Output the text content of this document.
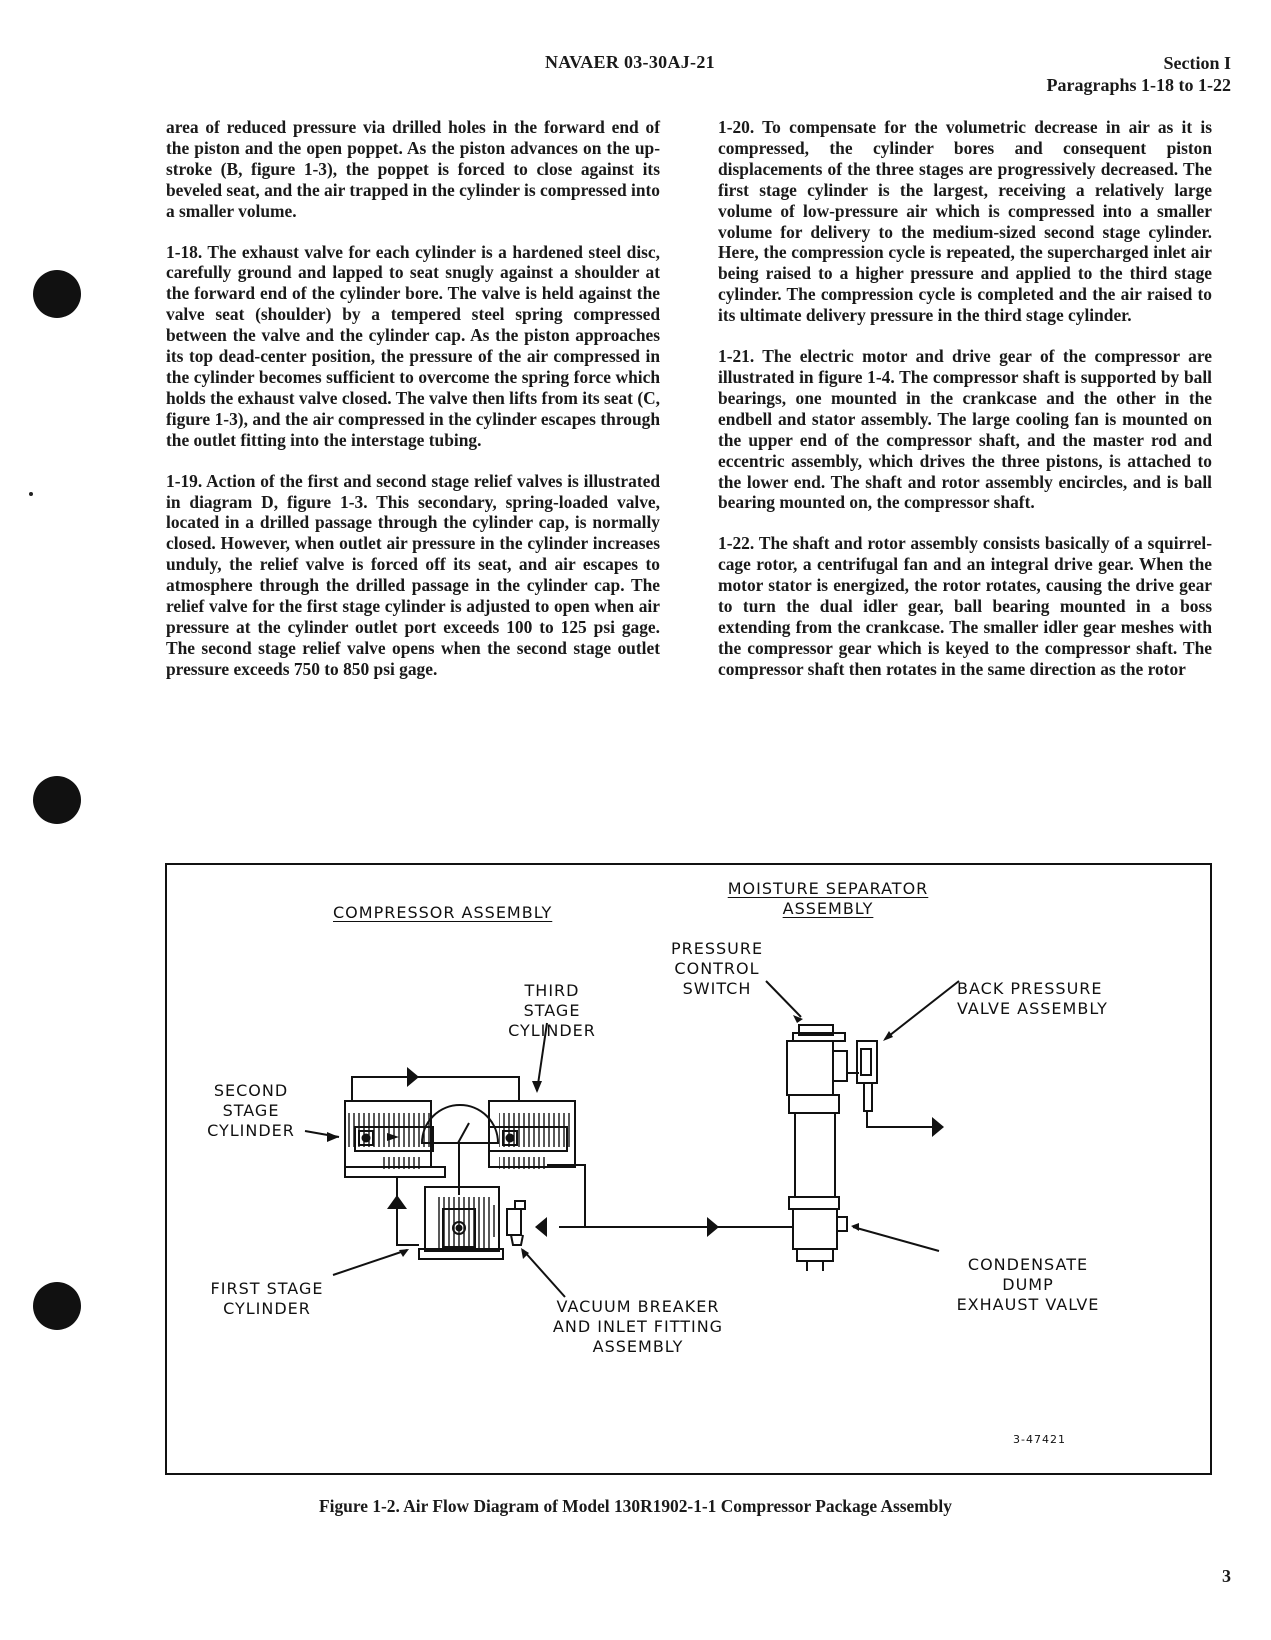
NAVAER 03-30AJ-21	Section I
Paragraphs 1-18 to 1-22

area of reduced pressure via drilled holes in the forward end of the piston and the open poppet. As the piston advances on the up-stroke (B, figure 1-3), the poppet is forced to close against its beveled seat, and the air trapped in the cylinder is compressed into a smaller volume.

1-18. The exhaust valve for each cylinder is a hardened steel disc, carefully ground and lapped to seat snugly against a shoulder at the forward end of the cylinder bore. The valve is held against the valve seat (shoulder) by a tempered steel spring compressed between the valve and the cylinder cap. As the piston approaches its top dead-center position, the pressure of the air compressed in the cylinder becomes sufficient to overcome the spring force which holds the exhaust valve closed. The valve then lifts from its seat (C, figure 1-3), and the air compressed in the cylinder escapes through the outlet fitting into the interstage tubing.

1-19. Action of the first and second stage relief valves is illustrated in diagram D, figure 1-3. This secondary, spring-loaded valve, located in a drilled passage through the cylinder cap, is normally closed. However, when outlet air pressure in the cylinder increases unduly, the relief valve is forced off its seat, and air escapes to atmosphere through the drilled passage in the cylinder cap. The relief valve for the first stage cylinder is adjusted to open when air pressure at the cylinder outlet port exceeds 100 to 125 psi gage. The second stage relief valve opens when the second stage outlet pressure exceeds 750 to 850 psi gage.

1-20. To compensate for the volumetric decrease in air as it is compressed, the cylinder bores and consequent piston displacements of the three stages are progressively decreased. The first stage cylinder is the largest, receiving a relatively large volume of low-pressure air which is compressed into a smaller volume for delivery to the medium-sized second stage cylinder. Here, the compression cycle is repeated, the supercharged inlet air being raised to a higher pressure and applied to the third stage cylinder. The compression cycle is completed and the air raised to its ultimate delivery pressure in the third stage cylinder.

1-21. The electric motor and drive gear of the compressor are illustrated in figure 1-4. The compressor shaft is supported by ball bearings, one mounted in the crankcase and the other in the endbell and stator assembly. The large cooling fan is mounted on the upper end of the compressor shaft, and the master rod and eccentric assembly, which drives the three pistons, is attached to the lower end. The shaft and rotor assembly encircles, and is ball bearing mounted on, the compressor shaft.

1-22. The shaft and rotor assembly consists basically of a squirrel-cage rotor, a centrifugal fan and an integral drive gear. When the motor stator is energized, the rotor rotates, causing the drive gear to turn the dual idler gear, ball bearing mounted in a boss extending from the crankcase. The smaller idler gear meshes with the compressor gear which is keyed to the compressor shaft. The compressor shaft then rotates in the same direction as the rotor

COMPRESSOR ASSEMBLY
MOISTURE SEPARATOR
ASSEMBLY
PRESSURE
CONTROL
SWITCH	BACK PRESSURE
VALVE ASSEMBLY
THIRD
STAGE
CYLINDER
SECOND
STAGE
CYLINDER
FIRST STAGE
CYLINDER	VACUUM BREAKER
AND INLET FITTING
ASSEMBLY
CONDENSATE DUMP
EXHAUST VALVE
3-47421
Figure 1-2. Air Flow Diagram of Model 130R1902-1-1 Compressor Package Assembly
3
